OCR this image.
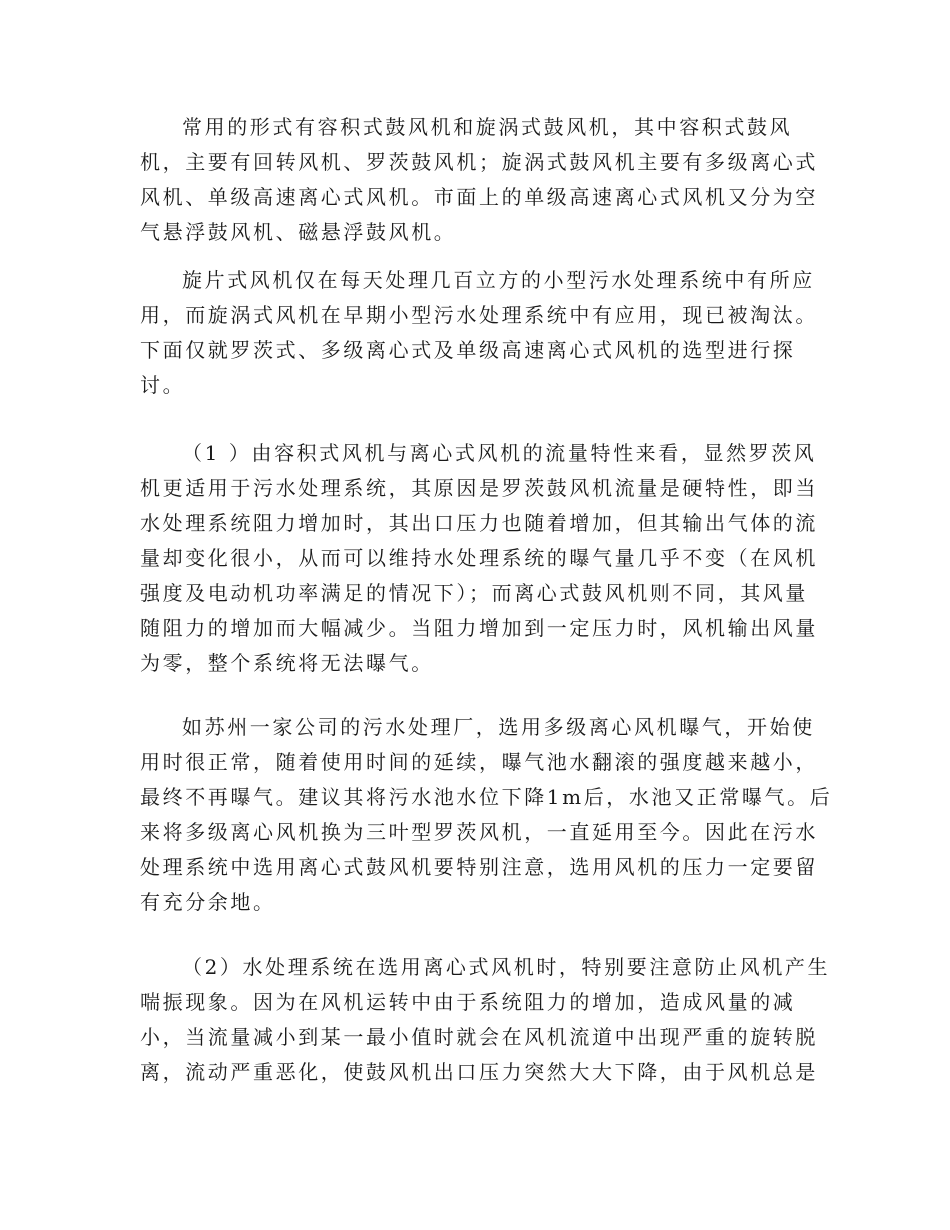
常用的形式有容积式鼓风机和旋涡式鼓风机，其中容积式鼓风
机，主要有回转风机、罗茨鼓风机；旋涡式鼓风机主要有多级离心式
风机、单级高速离心式风机。市面上的单级高速离心式风机又分为空
气悬浮鼓风机、磁悬浮鼓风机。
旋片式风机仅在每天处理几百立方的小型污水处理系统中有所应
用，而旋涡式风机在早期小型污水处理系统中有应用，现已被淘汰。
下面仅就罗茨式、多级离心式及单级高速离心式风机的选型进行探
讨。
（1 ）由容积式风机与离心式风机的流量特性来看，显然罗茨风
机更适用于污水处理系统，其原因是罗茨鼓风机流量是硬特性，即当
水处理系统阻力增加时，其出口压力也随着增加，但其输出气体的流
量却变化很小，从而可以维持水处理系统的曝气量几乎不变（在风机
强度及电动机功率满足的情况下）；而离心式鼓风机则不同，其风量
随阻力的增加而大幅减少。当阻力增加到一定压力时，风机输出风量
为零，整个系统将无法曝气。
如苏州一家公司的污水处理厂，选用多级离心风机曝气，开始使
用时很正常，随着使用时间的延续，曝气池水翻滚的强度越来越小，
最终不再曝气。建议其将污水池水位下降1m后，水池又正常曝气。后
来将多级离心风机换为三叶型罗茨风机，一直延用至今。因此在污水
处理系统中选用离心式鼓风机要特别注意，选用风机的压力一定要留
有充分余地。
（2）水处理系统在选用离心式风机时，特别要注意防止风机产生
喘振现象。因为在风机运转中由于系统阻力的增加，造成风量的减
小，当流量减小到某一最小值时就会在风机流道中出现严重的旋转脱
离，流动严重恶化，使鼓风机出口压力突然大大下降，由于风机总是
